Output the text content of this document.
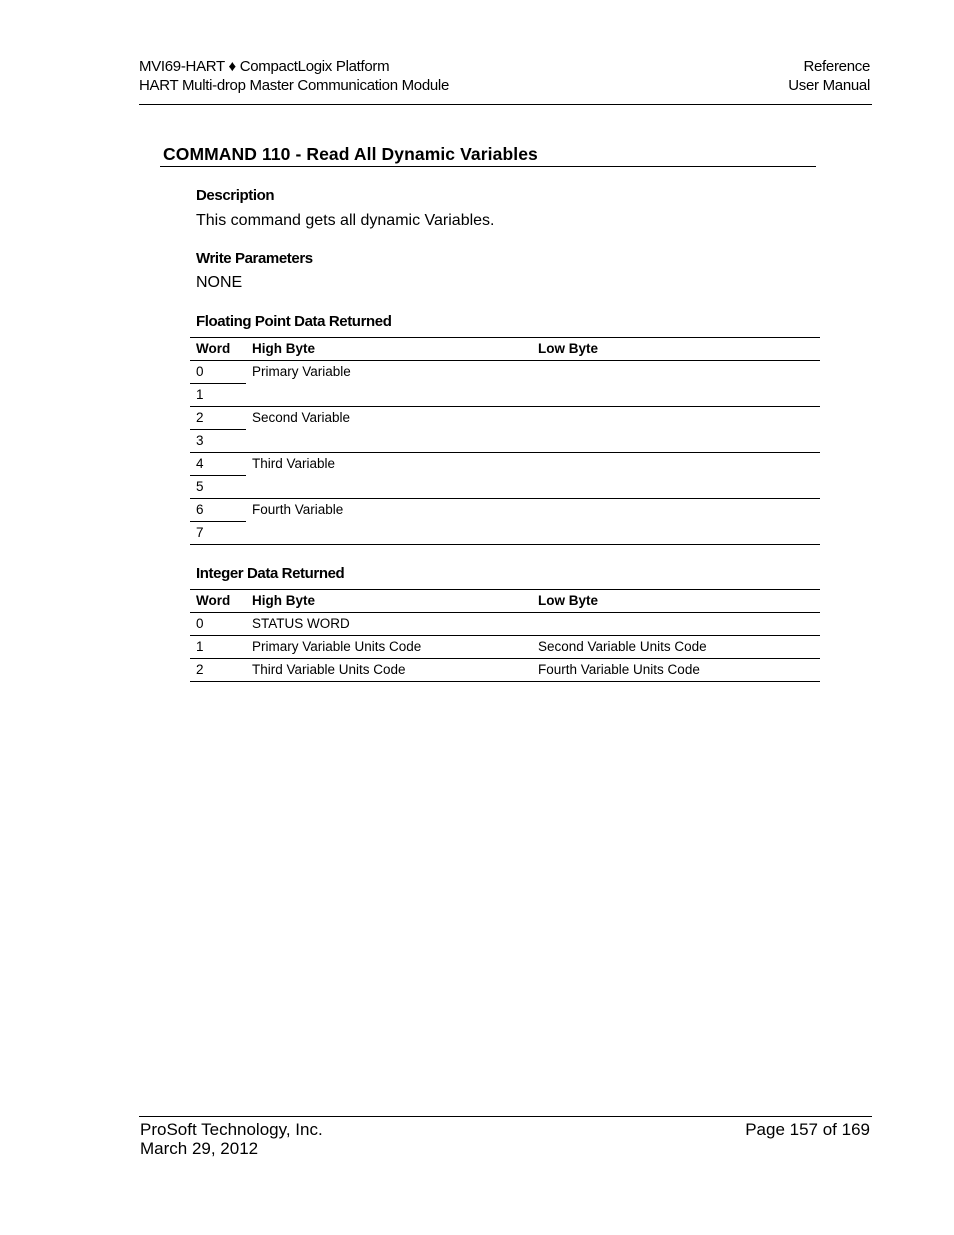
MVI69-HART ♦ CompactLogix Platform
HART Multi-drop Master Communication Module
Reference
User Manual
COMMAND 110 - Read All Dynamic Variables
Description
This command gets all dynamic Variables.
Write Parameters
NONE
Floating Point Data Returned
Word	High Byte	Low Byte
0	Primary Variable	
1		
2	Second Variable	
3		
4	Third Variable	
5		
6	Fourth Variable	
7		
Integer Data Returned
Word	High Byte	Low Byte
0	STATUS WORD	
1	Primary Variable Units Code	Second Variable Units Code
2	Third Variable Units Code	Fourth Variable Units Code
ProSoft Technology, Inc.
March 29, 2012
Page 157 of 169
